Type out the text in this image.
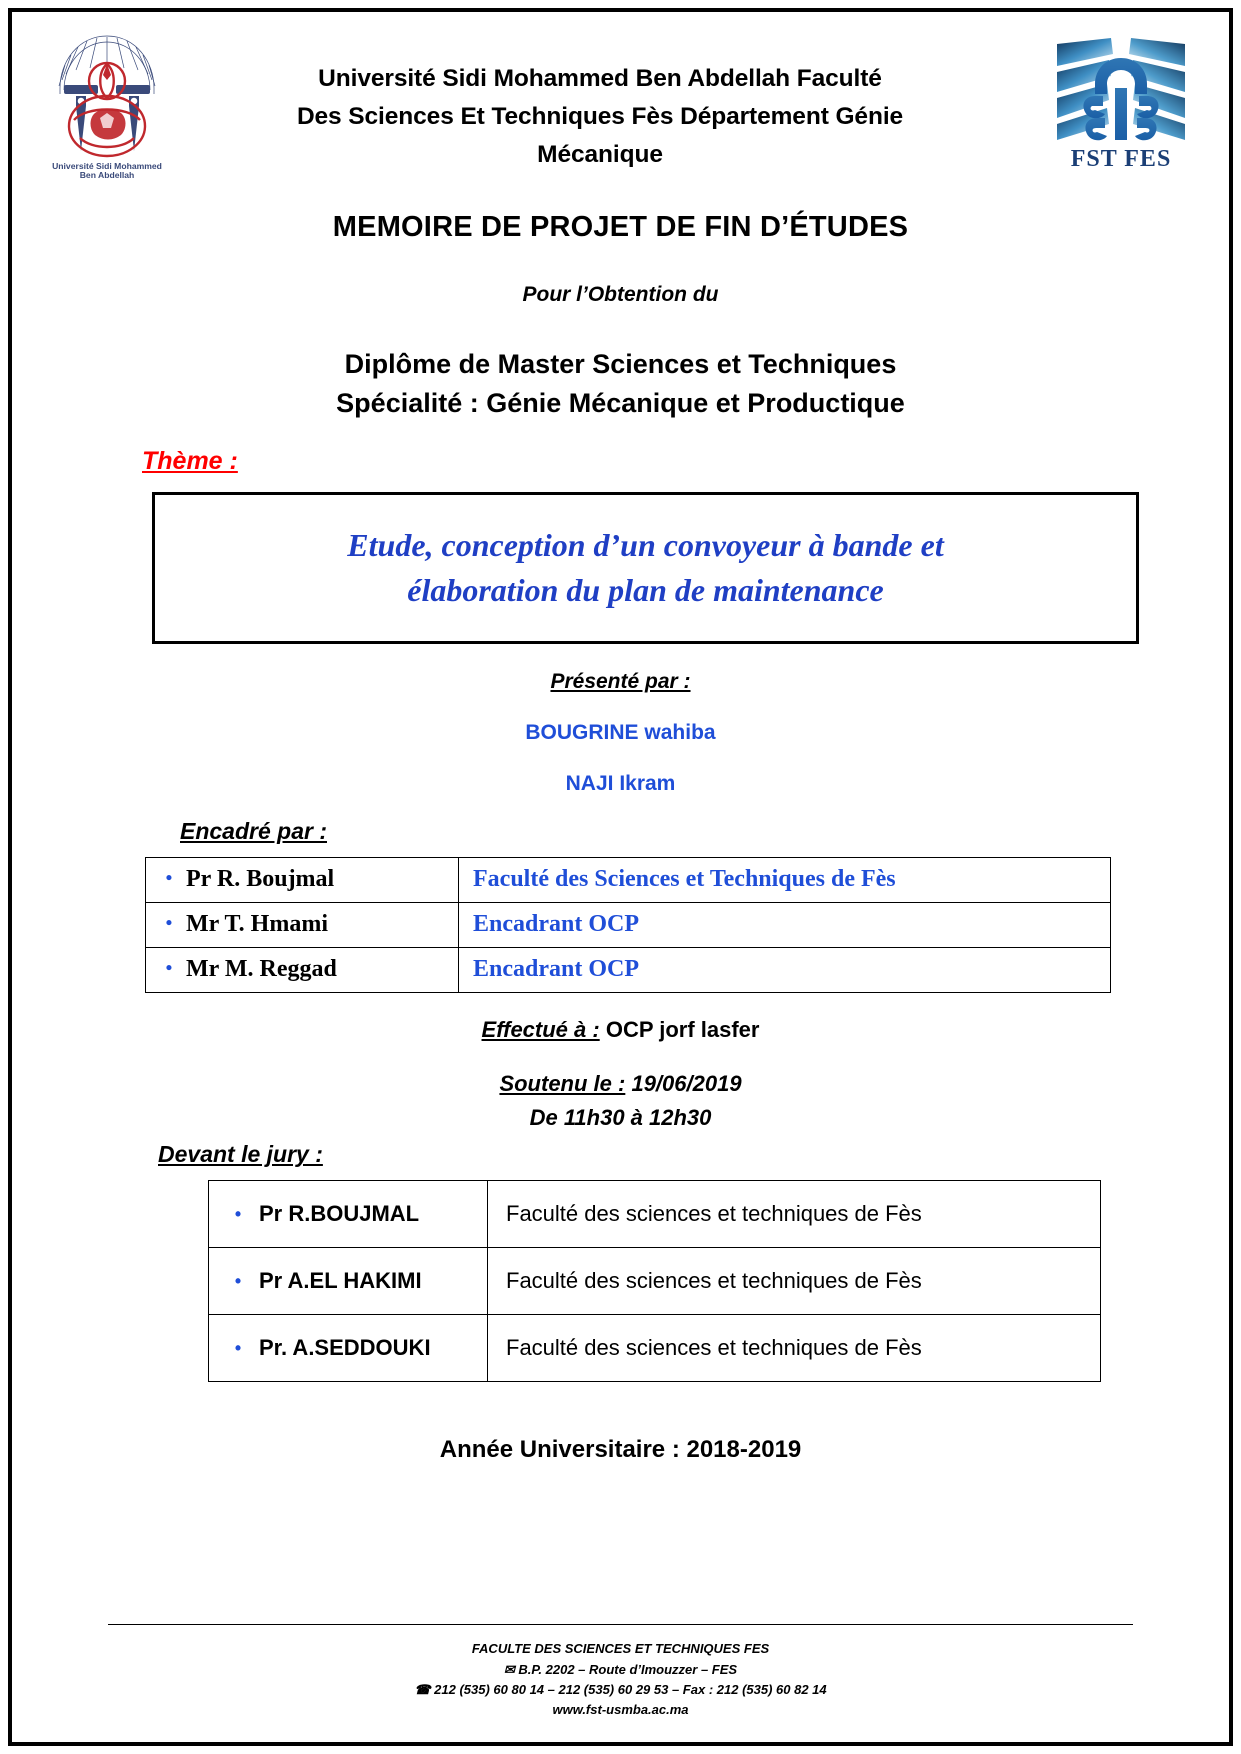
Université Sidi Mohammed
Ben Abdellah
FST FES
Université Sidi Mohammed Ben Abdellah Faculté
Des Sciences Et Techniques Fès Département Génie
Mécanique
MEMOIRE DE PROJET DE FIN D’ÉTUDES
Pour l’Obtention du
Diplôme de Master Sciences et Techniques
Spécialité : Génie Mécanique et Productique
Thème :
Etude, conception d’un convoyeur à bande et
élaboration du plan de maintenance
Présenté par :
BOUGRINE wahiba
NAJI Ikram
Encadré par :
• Pr R. Boujmal	Faculté des Sciences et Techniques de Fès

• Mr T. Hmami	Encadrant OCP

• Mr M. Reggad	Encadrant OCP
Effectué à : OCP jorf lasfer
Soutenu le : 19/06/2019
De 11h30 à 12h30
Devant le jury :
• Pr R.BOUJMAL	Faculté des sciences et techniques de Fès

• Pr A.EL HAKIMI	Faculté des sciences et techniques de Fès

• Pr. A.SEDDOUKI	Faculté des sciences et techniques de Fès
Année Universitaire : 2018-2019
FACULTE DES SCIENCES ET TECHNIQUES FES
✉ B.P. 2202 – Route d’Imouzzer – FES
☎ 212 (535) 60 80 14 – 212 (535) 60 29 53 – Fax : 212 (535) 60 82 14
www.fst-usmba.ac.ma
